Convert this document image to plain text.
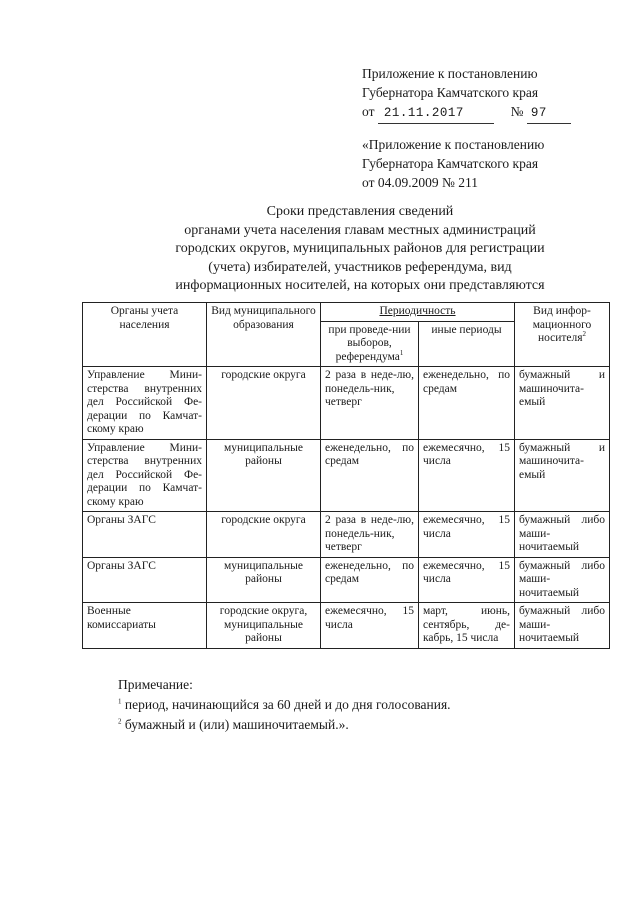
Приложение к постановлению
Губернатора Камчатского края
от 21.11.2017	№ 97
«Приложение к постановлению
Губернатора Камчатского края
от 04.09.2009 № 211
Сроки представления сведений
органами учета населения главам местных администраций
городских округов, муниципальных районов для регистрации
(учета) избирателей, участников референдума, вид
информационных носителей, на которых они представляются
Органы учета населения	Вид муниципального образования	Периодичность		Вид инфор-мационного носителя$^2$
		при проведе-нии выборов, референдума$^1$	иные периоды	
Управление Мини-стерства внутренних дел Российской Фе-дерации по Камчат-скому краю	городские округа	2 раза в неде-лю, понедель-ник, четверг	еженедельно, по средам	бумажный и машиночита-емый
Управление Мини-стерства внутренних дел Российской Фе-дерации по Камчат-скому краю	муниципальные районы	еженедельно, по средам	ежемесячно, 15 числа	бумажный и машиночита-емый
Органы ЗАГС	городские округа	2 раза в неде-лю, понедель-ник, четверг	ежемесячно, 15 числа	бумажный либо маши-ночитаемый
Органы ЗАГС	муниципальные районы	еженедельно, по средам	ежемесячно, 15 числа	бумажный либо маши-ночитаемый
Военные комиссариаты	городские округа, муниципальные районы	ежемесячно, 15 числа	март, июнь, сентябрь, де-кабрь, 15 числа	бумажный либо маши-ночитаемый
Примечание:
$^1$ период, начинающийся за 60 дней и до дня голосования.
$^2$ бумажный и (или) машиночитаемый.».
